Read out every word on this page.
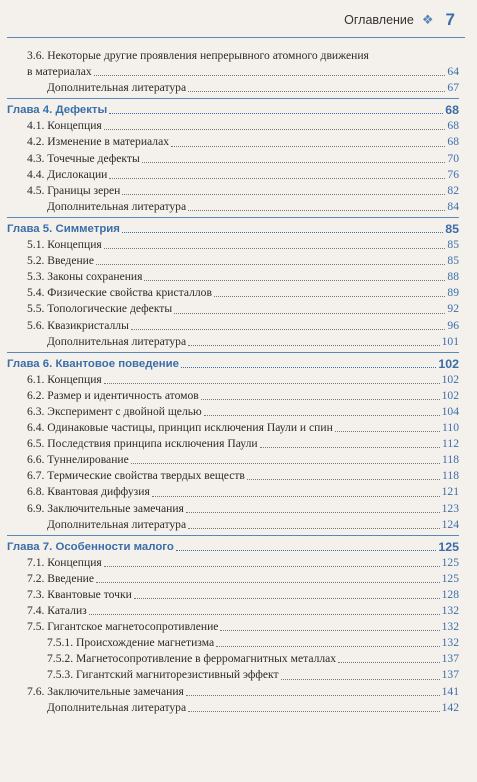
Оглавление ❖ 7
3.6. Некоторые другие проявления непрерывного атомного движения
в материалах	64
Дополнительная литература	67
Глава 4. Дефекты	68
4.1. Концепция	68
4.2. Изменение в материалах	68
4.3. Точечные дефекты	70
4.4. Дислокации	76
4.5. Границы зерен	82
Дополнительная литература	84
Глава 5. Симметрия	85
5.1. Концепция	85
5.2. Введение	85
5.3. Законы сохранения	88
5.4. Физические свойства кристаллов	89
5.5. Топологические дефекты	92
5.6. Квазикристаллы	96
Дополнительная литература	101
Глава 6. Квантовое поведение	102
6.1. Концепция	102
6.2. Размер и идентичность атомов	102
6.3. Эксперимент с двойной щелью	104
6.4. Одинаковые частицы, принцип исключения Паули и спин	110
6.5. Последствия принципа исключения Паули	112
6.6. Туннелирование	118
6.7. Термические свойства твердых веществ	118
6.8. Квантовая диффузия	121
6.9. Заключительные замечания	123
Дополнительная литература	124
Глава 7. Особенности малого	125
7.1. Концепция	125
7.2. Введение	125
7.3. Квантовые точки	128
7.4. Катализ	132
7.5. Гигантское магнетосопротивление	132
7.5.1. Происхождение магнетизма	132
7.5.2. Магнетосопротивление в ферромагнитных металлах	137
7.5.3. Гигантский магниторезистивный эффект	137
7.6. Заключительные замечания	141
Дополнительная литература	142
